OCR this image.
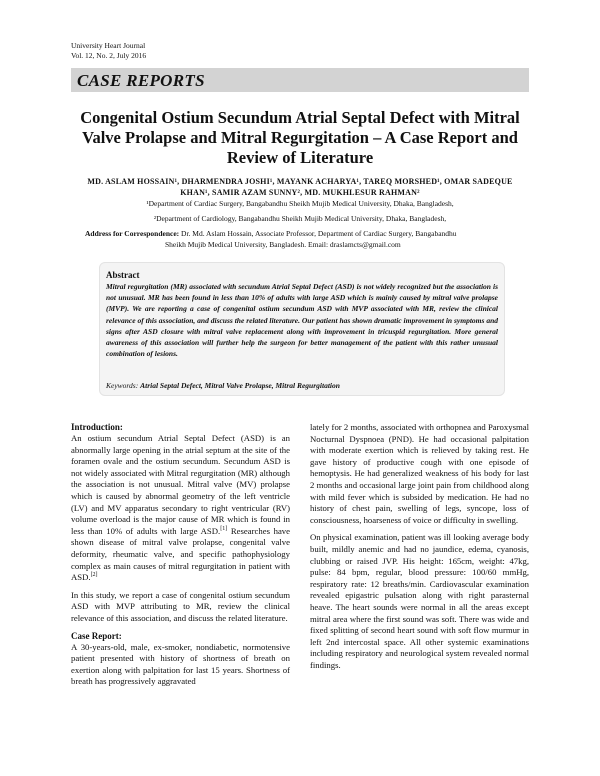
University Heart Journal
Vol. 12, No. 2, July 2016
CASE REPORTS
Congenital Ostium Secundum Atrial Septal Defect with Mitral Valve Prolapse and Mitral Regurgitation – A Case Report and Review of Literature
MD. ASLAM HOSSAIN¹, DHARMENDRA JOSHI¹, MAYANK ACHARYA¹, TAREQ MORSHED¹, OMAR SADEQUE KHAN¹, SAMIR AZAM SUNNY², MD. MUKHLESUR RAHMAN²
¹Department of Cardiac Surgery, Bangabandhu Sheikh Mujib Medical University, Dhaka, Bangladesh,
²Department of Cardiology, Bangabandhu Sheikh Mujib Medical University, Dhaka, Bangladesh,
Address for Correspondence: Dr. Md. Aslam Hossain, Associate Professor, Department of Cardiac Surgery, Bangabandhu
Sheikh Mujib Medical University, Bangladesh. Email: draslamcts@gmail.com
Abstract
Mitral regurgitation (MR) associated with secundum Atrial Septal Defect (ASD) is not widely recognized but the association is not unusual. MR has been found in less than 10% of adults with large ASD which is mainly caused by mitral valve prolapse (MVP). We are reporting a case of congenital ostium secundum ASD with MVP associated with MR, review the clinical relevance of this association, and discuss the related literature. Our patient has shown dramatic improvement in symptoms and signs after ASD closure with mitral valve replacement along with improvement in tricuspid regurgitation. More general awareness of this association will further help the surgeon for better management of the patient with this rather unusual combination of lesions.
Keywords: Atrial Septal Defect, Mitral Valve Prolapse, Mitral Regurgitation
Introduction:

An ostium secundum Atrial Septal Defect (ASD) is an abnormally large opening in the atrial septum at the site of the foramen ovale and the ostium secundum. Secundum ASD is not widely associated with Mitral regurgitation (MR) although the association is not unusual. Mitral valve (MV) prolapse which is caused by abnormal geometry of the left ventricle (LV) and MV apparatus secondary to right ventricular (RV) volume overload is the major cause of MR which is found in less than 10% of adults with large ASD.[1] Researches have shown disease of mitral valve prolapse, congenital valve deformity, rheumatic valve, and specific pathophysiology complex as main causes of mitral regurgitation in patient with ASD.[2]

In this study, we report a case of congenital ostium secundum ASD with MVP attributing to MR, review the clinical relevance of this association, and discuss the related literature.

Case Report:

A 30-years-old, male, ex-smoker, nondiabetic, normotensive patient presented with history of shortness of breath on exertion along with palpitation for last 15 years. Shortness of breath has progressively aggravated

lately for 2 months, associated with orthopnea and Paroxysmal Nocturnal Dyspnoea (PND). He had occasional palpitation with moderate exertion which is relieved by taking rest. He gave history of productive cough with one episode of hemoptysis. He had generalized weakness of his body for last 2 months and occasional large joint pain from childhood along with mild fever which is subsided by medication. He had no history of chest pain, swelling of legs, syncope, loss of consciousness, hoarseness of voice or difficulty in swelling.

On physical examination, patient was ill looking average body built, mildly anemic and had no jaundice, edema, cyanosis, clubbing or raised JVP. His height: 165cm, weight: 47kg, pulse: 84 bpm, regular, blood pressure: 100/60 mmHg, respiratory rate: 12 breaths/min. Cardiovascular examination revealed epigastric pulsation along with right parasternal heave. The heart sounds were normal in all the areas except mitral area where the first sound was soft. There was wide and fixed splitting of second heart sound with soft flow murmur in left 2nd intercostal space. All other systemic examinations including respiratory and neurological system revealed normal findings.
